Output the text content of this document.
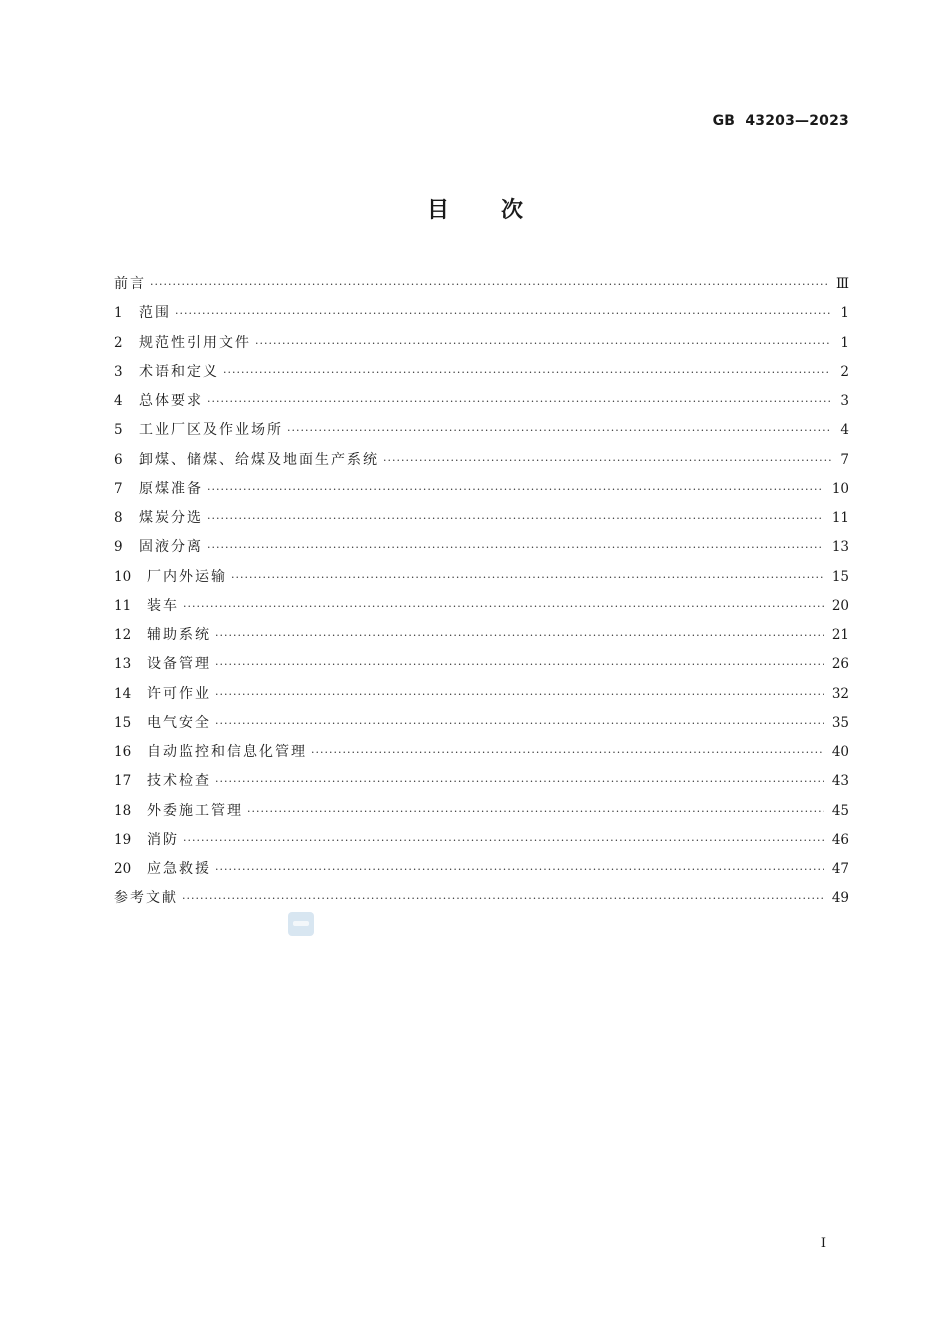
GB  43203—2023
目次
前言 ·····	Ⅲ
1	范围 ·····	1
2	规范性引用文件 ·····	1
3	术语和定义 ·····	2
4	总体要求 ·····	3
5	工业厂区及作业场所 ·····	4
6	卸煤、储煤、给煤及地面生产系统 ·····	7
7	原煤准备 ·····	10
8	煤炭分选 ·····	11
9	固液分离 ·····	13
10	厂内外运输 ·····	15
11	装车 ·····	20
12	辅助系统 ·····	21
13	设备管理 ·····	26
14	许可作业 ·····	32
15	电气安全 ·····	35
16	自动监控和信息化管理 ·····	40
17	技术检查 ·····	43
18	外委施工管理 ·····	45
19	消防 ·····	46
20	应急救援 ·····	47
参考文献 ·····	49
Ⅰ
